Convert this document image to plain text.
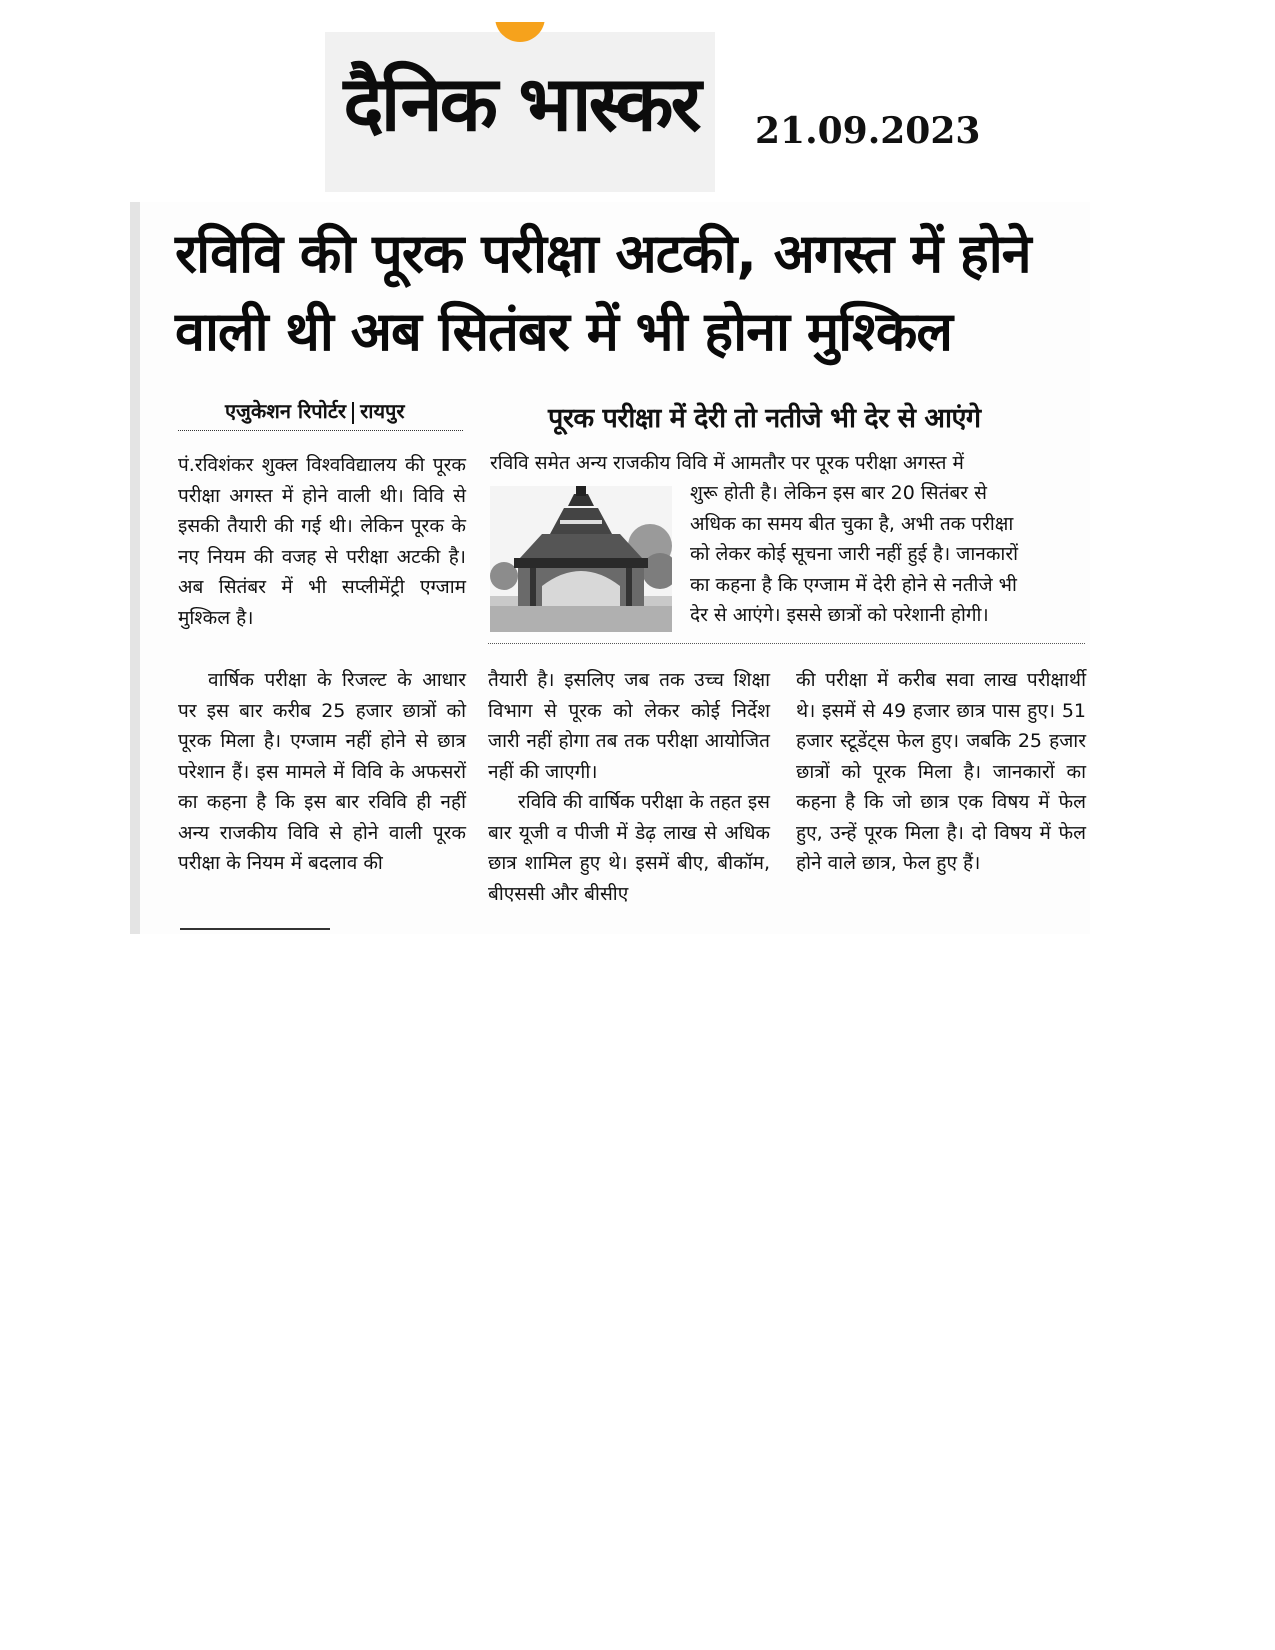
दैनिक भास्कर 21.09.2023
रविवि की पूरक परीक्षा अटकी, अगस्त में होने
वाली थी अब सितंबर में भी होना मुश्किल
एजुकेशन रिपोर्टर रायपुर	पूरक परीक्षा में देरी तो नतीजे भी देर से आएंगे

पं.रविशंकर शुक्ल विश्वविद्यालय की पूरक परीक्षा अगस्त में होने वाली थी। विवि से इसकी तैयारी की गई थी। लेकिन पूरक के नए नियम की वजह से परीक्षा अटकी है। अब सितंबर में भी सप्लीमेंट्री एग्जाम मुश्किल है।

रविवि समेत अन्य राजकीय विवि में आमतौर पर पूरक परीक्षा अगस्त में
शुरू होती है। लेकिन इस बार 20 सितंबर से
अधिक का समय बीत चुका है, अभी तक परीक्षा
को लेकर कोई सूचना जारी नहीं हुई है। जानकारों
का कहना है कि एग्जाम में देरी होने से नतीजे भी
देर से आएंगे। इससे छात्रों को परेशानी होगी।

वार्षिक परीक्षा के रिजल्ट के आधार पर इस बार करीब 25 हजार छात्रों को पूरक मिला है। एग्जाम नहीं होने से छात्र परेशान हैं। इस मामले में विवि के अफसरों का कहना है कि इस बार रविवि ही नहीं अन्य राजकीय विवि से होने वाली पूरक परीक्षा के नियम में बदलाव की

तैयारी है। इसलिए जब तक उच्च शिक्षा विभाग से पूरक को लेकर कोई निर्देश जारी नहीं होगा तब तक परीक्षा आयोजित नहीं की जाएगी।

रविवि की वार्षिक परीक्षा के तहत इस बार यूजी व पीजी में डेढ़ लाख से अधिक छात्र शामिल हुए थे। इसमें बीए, बीकॉम, बीएससी और बीसीए

की परीक्षा में करीब सवा लाख परीक्षार्थी थे। इसमें से 49 हजार छात्र पास हुए। 51 हजार स्टूडेंट्स फेल हुए। जबकि 25 हजार छात्रों को पूरक मिला है। जानकारों का कहना है कि जो छात्र एक विषय में फेल हुए, उन्हें पूरक मिला है। दो विषय में फेल होने वाले छात्र, फेल हुए हैं।
